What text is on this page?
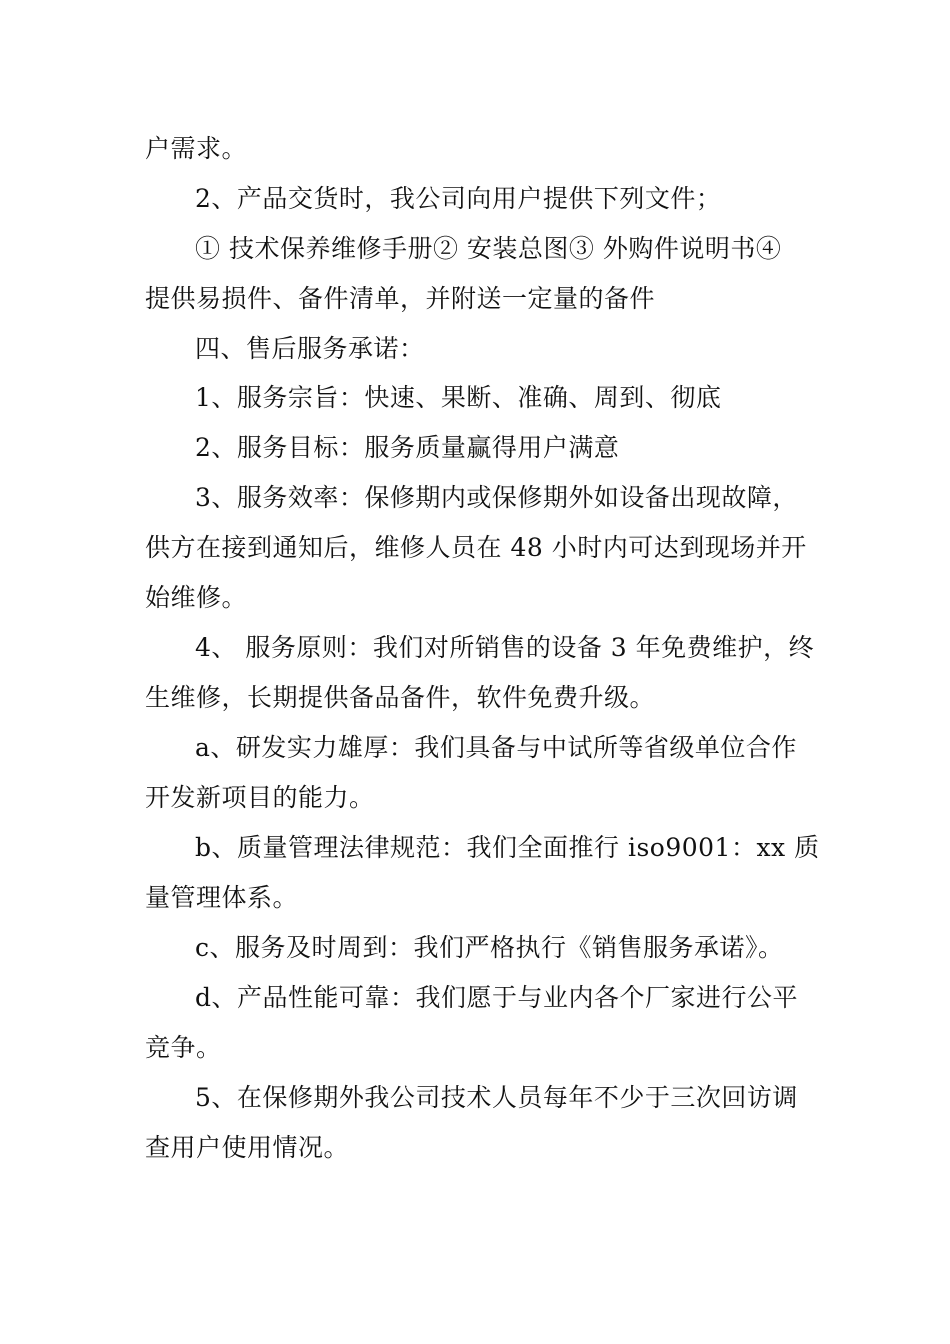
户需求。
2、产品交货时，我公司向用户提供下列文件；
① 技术保养维修手册② 安装总图③ 外购件说明书④
提供易损件、备件清单，并附送一定量的备件
四、售后服务承诺：
1、服务宗旨：快速、果断、准确、周到、彻底
2、服务目标：服务质量赢得用户满意
3、服务效率：保修期内或保修期外如设备出现故障，
供方在接到通知后，维修人员在 48 小时内可达到现场并开
始维修。
4、 服务原则：我们对所销售的设备 3 年免费维护，终
生维修，长期提供备品备件，软件免费升级。
a、研发实力雄厚：我们具备与中试所等省级单位合作
开发新项目的能力。
b、质量管理法律规范：我们全面推行 iso9001：xx 质
量管理体系。
c、服务及时周到：我们严格执行《销售服务承诺》。
d、产品性能可靠：我们愿于与业内各个厂家进行公平
竞争。
5、在保修期外我公司技术人员每年不少于三次回访调
查用户使用情况。
